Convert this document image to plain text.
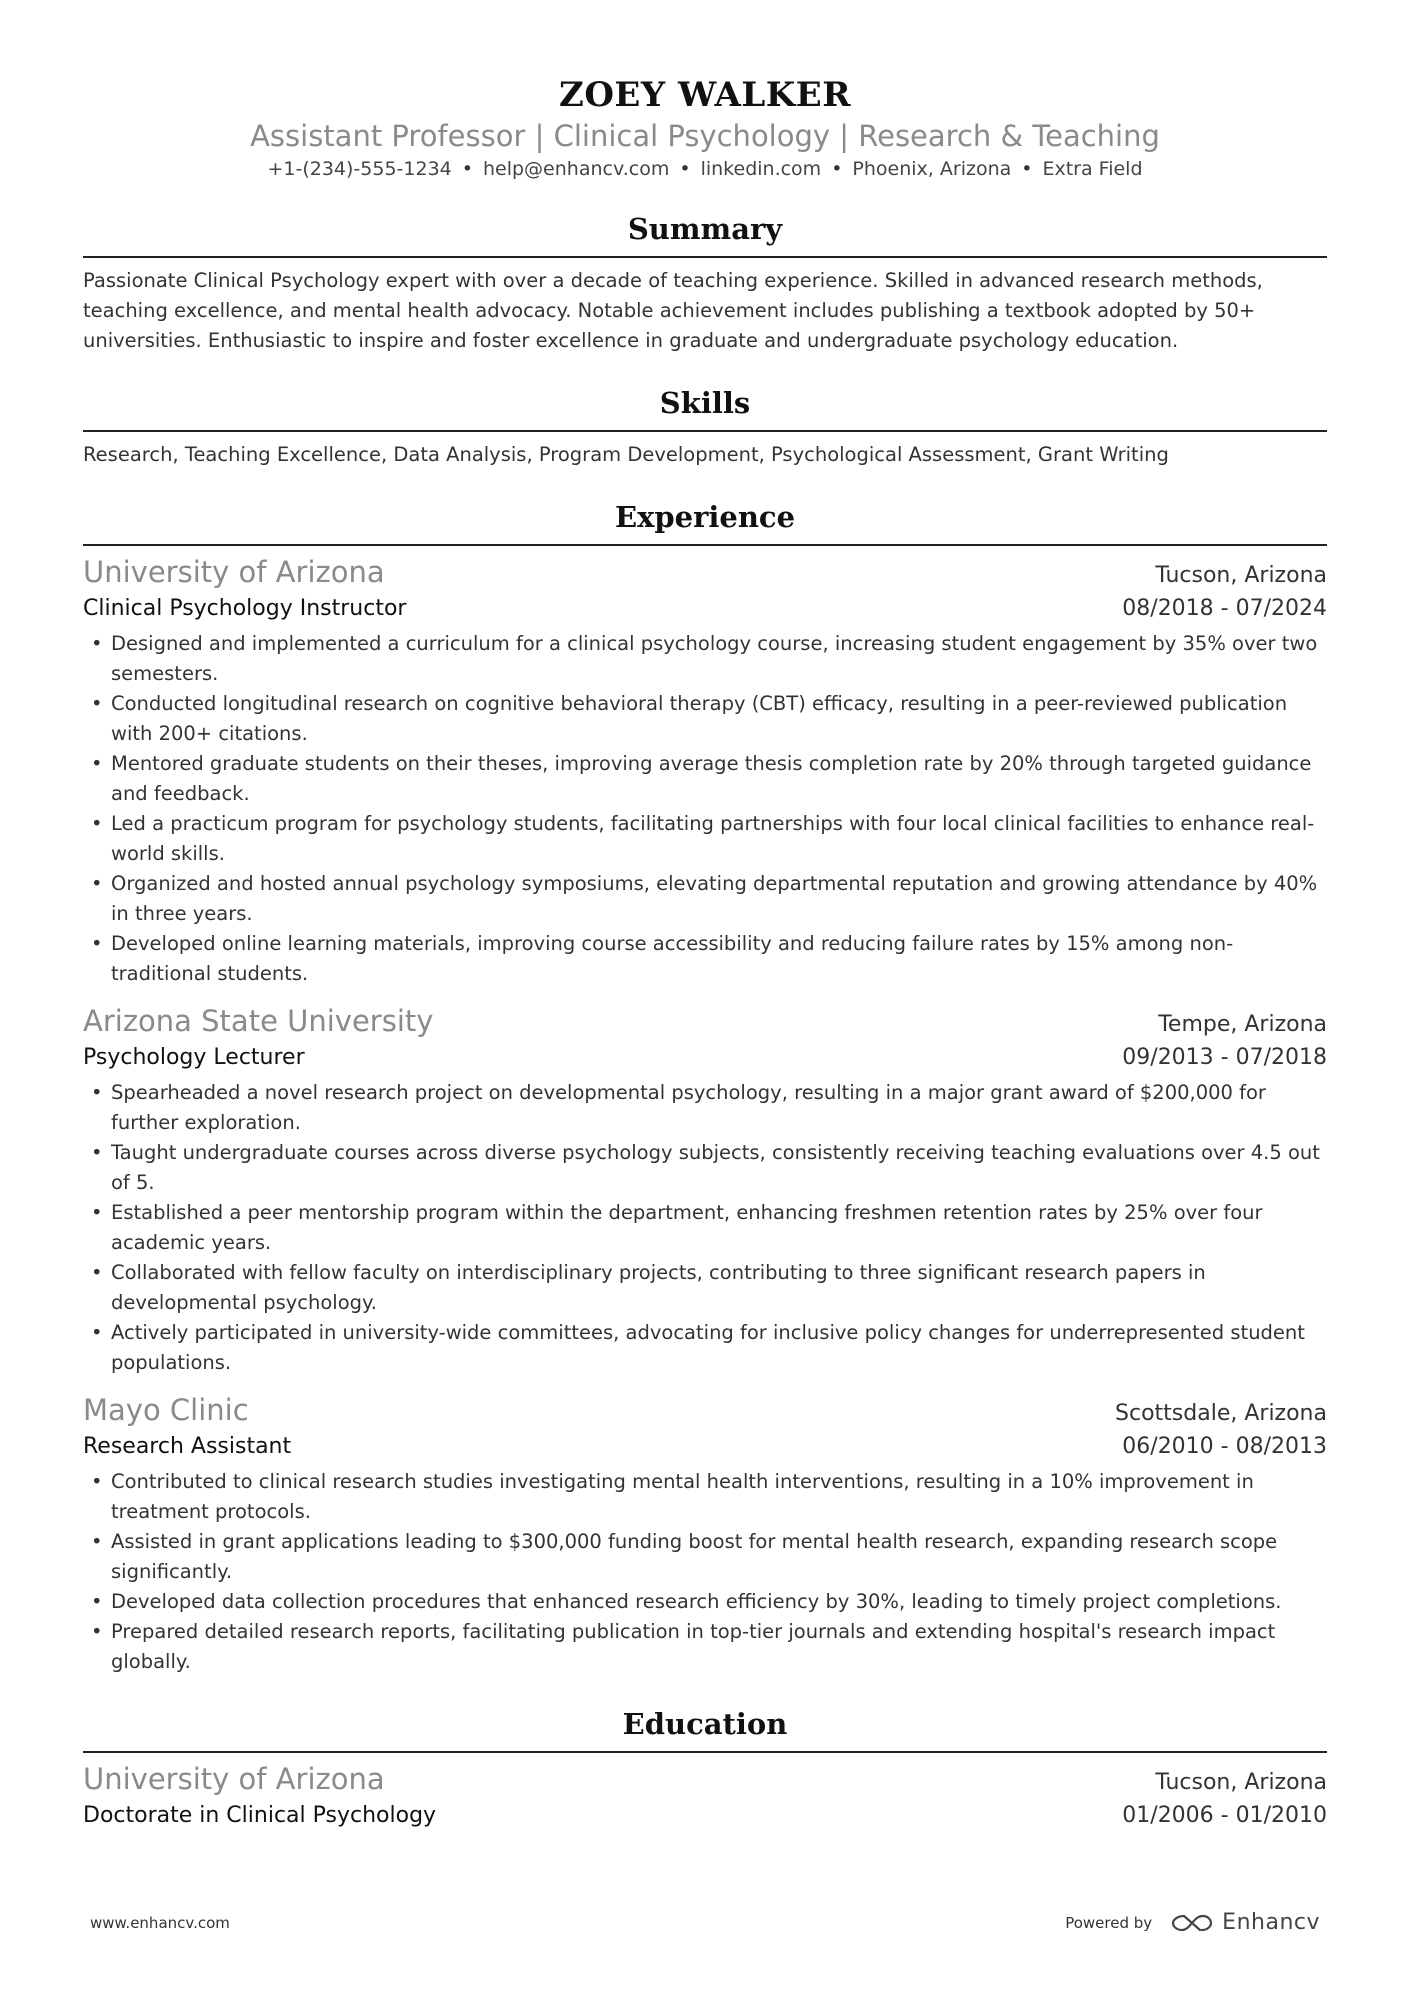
ZOEY WALKER
Assistant Professor | Clinical Psychology | Research & Teaching
+1-(234)-555-1234 • help@enhancv.com • linkedin.com • Phoenix, Arizona • Extra Field
Summary
Passionate Clinical Psychology expert with over a decade of teaching experience. Skilled in advanced research methods, teaching excellence, and mental health advocacy. Notable achievement includes publishing a textbook adopted by 50+ universities. Enthusiastic to inspire and foster excellence in graduate and undergraduate psychology education.
Skills
Research, Teaching Excellence, Data Analysis, Program Development, Psychological Assessment, Grant Writing
Experience
University of Arizona	Tucson, Arizona
Clinical Psychology Instructor	08/2018 - 07/2024
• Designed and implemented a curriculum for a clinical psychology course, increasing student engagement by 35% over two semesters.
• Conducted longitudinal research on cognitive behavioral therapy (CBT) efficacy, resulting in a peer-reviewed publication with 200+ citations.
• Mentored graduate students on their theses, improving average thesis completion rate by 20% through targeted guidance and feedback.
• Led a practicum program for psychology students, facilitating partnerships with four local clinical facilities to enhance real-world skills.
• Organized and hosted annual psychology symposiums, elevating departmental reputation and growing attendance by 40% in three years.
• Developed online learning materials, improving course accessibility and reducing failure rates by 15% among non-traditional students.
Arizona State University	Tempe, Arizona
Psychology Lecturer	09/2013 - 07/2018
• Spearheaded a novel research project on developmental psychology, resulting in a major grant award of $200,000 for further exploration.
• Taught undergraduate courses across diverse psychology subjects, consistently receiving teaching evaluations over 4.5 out of 5.
• Established a peer mentorship program within the department, enhancing freshmen retention rates by 25% over four academic years.
• Collaborated with fellow faculty on interdisciplinary projects, contributing to three significant research papers in developmental psychology.
• Actively participated in university-wide committees, advocating for inclusive policy changes for underrepresented student populations.
Mayo Clinic	Scottsdale, Arizona
Research Assistant	06/2010 - 08/2013
• Contributed to clinical research studies investigating mental health interventions, resulting in a 10% improvement in treatment protocols.
• Assisted in grant applications leading to $300,000 funding boost for mental health research, expanding research scope significantly.
• Developed data collection procedures that enhanced research efficiency by 30%, leading to timely project completions.
• Prepared detailed research reports, facilitating publication in top-tier journals and extending hospital's research impact globally.
Education
University of Arizona	Tucson, Arizona
Doctorate in Clinical Psychology	01/2006 - 01/2010
www.enhancv.com	Powered by	Enhancv
